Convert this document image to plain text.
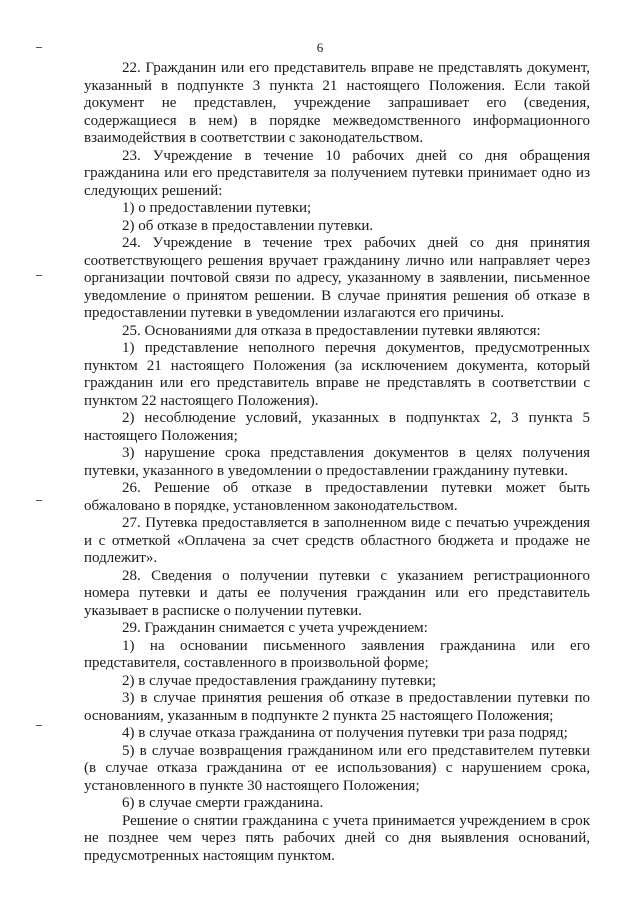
6

22. Гражданин или его представитель вправе не представлять документ, указанный в подпункте 3 пункта 21 настоящего Положения. Если такой документ не представлен, учреждение запрашивает его (сведения, содержащиеся в нем) в порядке межведомственного информационного взаимодействия в соответствии с законодательством.

23. Учреждение в течение 10 рабочих дней со дня обращения гражданина или его представителя за получением путевки принимает одно из следующих решений:

1) о предоставлении путевки;

2) об отказе в предоставлении путевки.

24. Учреждение в течение трех рабочих дней со дня принятия соответствующего решения вручает гражданину лично или направляет через организации почтовой связи по адресу, указанному в заявлении, письменное уведомление о принятом решении. В случае принятия решения об отказе в предоставлении путевки в уведомлении излагаются его причины.

25. Основаниями для отказа в предоставлении путевки являются:

1) представление неполного перечня документов, предусмотренных пунктом 21 настоящего Положения (за исключением документа, который гражданин или его представитель вправе не представлять в соответствии с пунктом 22 настоящего Положения).

2) несоблюдение условий, указанных в подпунктах 2, 3 пункта 5 настоящего Положения;

3) нарушение срока представления документов в целях получения путевки, указанного в уведомлении о предоставлении гражданину путевки.

26. Решение об отказе в предоставлении путевки может быть обжаловано в порядке, установленном законодательством.

27. Путевка предоставляется в заполненном виде с печатью учреждения и с отметкой «Оплачена за счет средств областного бюджета и продаже не подлежит».

28. Сведения о получении путевки с указанием регистрационного номера путевки и даты ее получения гражданин или его представитель указывает в расписке о получении путевки.

29. Гражданин снимается с учета учреждением:

1) на основании письменного заявления гражданина или его представителя, составленного в произвольной форме;

2) в случае предоставления гражданину путевки;

3) в случае принятия решения об отказе в предоставлении путевки по основаниям, указанным в подпункте 2 пункта 25 настоящего Положения;

4) в случае отказа гражданина от получения путевки три раза подряд;

5) в случае возвращения гражданином или его представителем путевки (в случае отказа гражданина от ее использования) с нарушением срока, установленного в пункте 30 настоящего Положения;

6) в случае смерти гражданина.

Решение о снятии гражданина с учета принимается учреждением в срок не позднее чем через пять рабочих дней со дня выявления оснований, предусмотренных настоящим пунктом.
